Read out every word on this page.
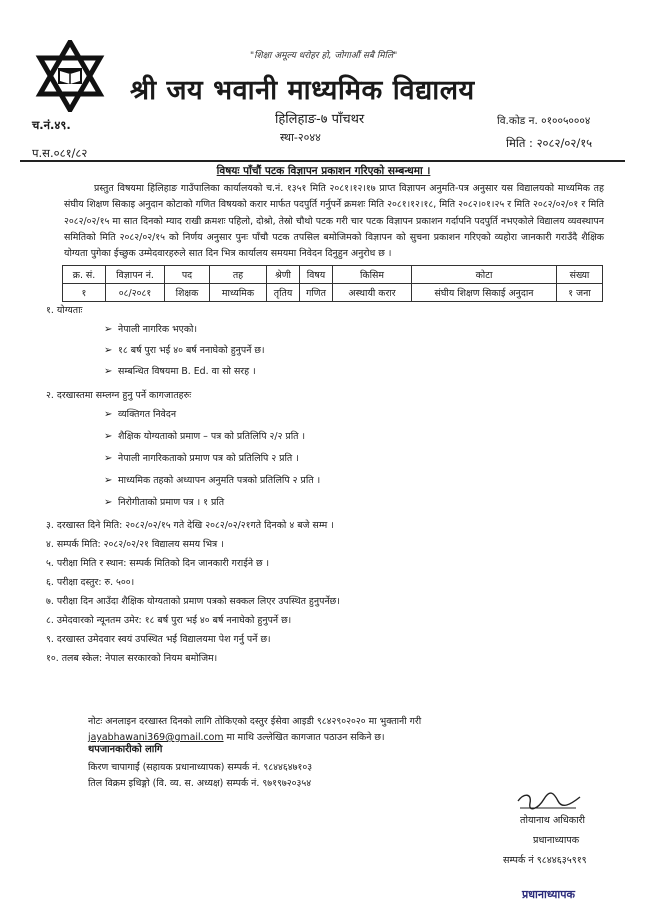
"शिक्षा अमूल्य धरोहर हो, जोगाऔं सबै मिलि"
श्री जय भवानी माध्यमिक विद्यालय
हिलिहाङ-७ पाँचथर
स्था-२०४४
वि.कोड न. ०१००५०००४
मिति : २०८२/०२/१५
च.नं.४९.
प.स.०८१/८२
विषयः पाँचौं पटक विज्ञापन प्रकाशन गरिएको सम्बन्धमा ।
प्रस्तुत विषयमा हिलिहाङ गाउँपालिका कार्यालयको च.नं. १३५१ मिति २०८१।१२।१७ प्राप्त विज्ञापन अनुमति-पत्र अनुसार यस विद्यालयको माध्यमिक तह संघीय शिक्षण सिकाइ अनुदान कोटाको गणित विषयको करार मार्फत पदपुर्ति गर्नुपर्ने क्रमशः मिति २०८१।१२।१८, मिति २०८२।०१।२५ र मिति २०८२/०२/०१ र मिति २०८२/०२/१५ मा सात दिनको म्याद राखी क्रमशः पहिलो, दोश्रो, तेस्रो चौथो पटक गरी चार पटक विज्ञापन प्रकाशन गर्दापनि पदपुर्ति नभएकोले विद्यालय व्यवस्थापन समितिको मिति २०८२/०२/१५ को निर्णय अनुसार पुनः पाँचौ पटक तपसिल बमोजिमको विज्ञापन को सुचना प्रकाशन गरिएको व्यहोरा जानकारी गराउँदै शैक्षिक योग्यता पुगेका ईच्छुक उम्मेदवारहरुले सात दिन भित्र कार्यालय समयमा निवेदन दिनुहुन अनुरोध छ ।
क्र. सं.	विज्ञापन नं.	पद	तह	श्रेणी	विषय	किसिम	कोटा	संख्या
१	०८/२०८१	शिक्षक	माध्यमिक	तृतिय	गणित	अस्थायी करार	संघीय शिक्षण सिकाई अनुदान	१ जना
१. योग्यताः
➢ नेपाली नागरिक भएको।
➢ १८ बर्ष पुरा भई ४० बर्ष ननाघेको हुनुपर्ने छ।
➢ सम्बन्धित विषयमा B. Ed. वा सो सरह ।
२. दरखास्तमा सम्लग्न हुनु पर्ने कागजातहरुः
➢ व्यक्तिगत निवेदन
➢ शैक्षिक योग्यताको प्रमाण – पत्र को प्रतिलिपि २/२ प्रति ।
➢ नेपाली नागरिकताको प्रमाण पत्र को प्रतिलिपि २ प्रति ।
➢ माध्यमिक तहको अध्यापन अनुमति पत्रको प्रतिलिपि २ प्रति ।
➢ निरोगीताको प्रमाण पत्र । १ प्रति
३. दरखास्त दिने मिति: २०८२/०२/१५ गते देखि २०८२/०२/२१गते दिनको ४ बजे सम्म ।
४. सम्पर्क मिति: २०८२/०२/२१ विद्यालय समय भित्र ।
५. परीक्षा मिति र स्थान: सम्पर्क मितिको दिन जानकारी गराईने छ ।
६. परीक्षा दस्तुर: रु. ५००।
७. परीक्षा दिन आउँदा शैक्षिक योग्यताको प्रमाण पत्रको सक्कल लिएर उपस्थित हुनुपर्नेछ।
८. उमेदवारको न्यूनतम उमेर: १८ बर्ष पुरा भई ४० बर्ष ननाघेको हुनुपर्ने छ।
९. दरखास्त उमेदवार स्वयं उपस्थित भई विद्यालयमा पेश गर्नु पर्ने छ।
१०. तलब स्केल: नेपाल सरकारको नियम बमोजिम।
नोटः अनलाइन दरखास्त दिनको लागि तोकिएको दस्तुर ईसेवा आइडी ९८४२९०२०२० मा भुक्तानी गरी
jayabhawani369@gmail.com मा माथि उल्लेखित कागजात पठाउन सकिने छ।
थपजानकारीको लागि
किरण चापागाईं (सहायक प्रधानाध्यापक) सम्पर्क नं. ९८४४६४७१०३
तिल विक्रम इधिङ्गो (वि. व्य. स. अध्यक्ष) सम्पर्क नं. ९७१९७२०३५४
तोयानाथ अधिकारी
प्रधानाध्यापक
सम्पर्क नं ९८४४६३५९१९
प्रधानाध्यापक
